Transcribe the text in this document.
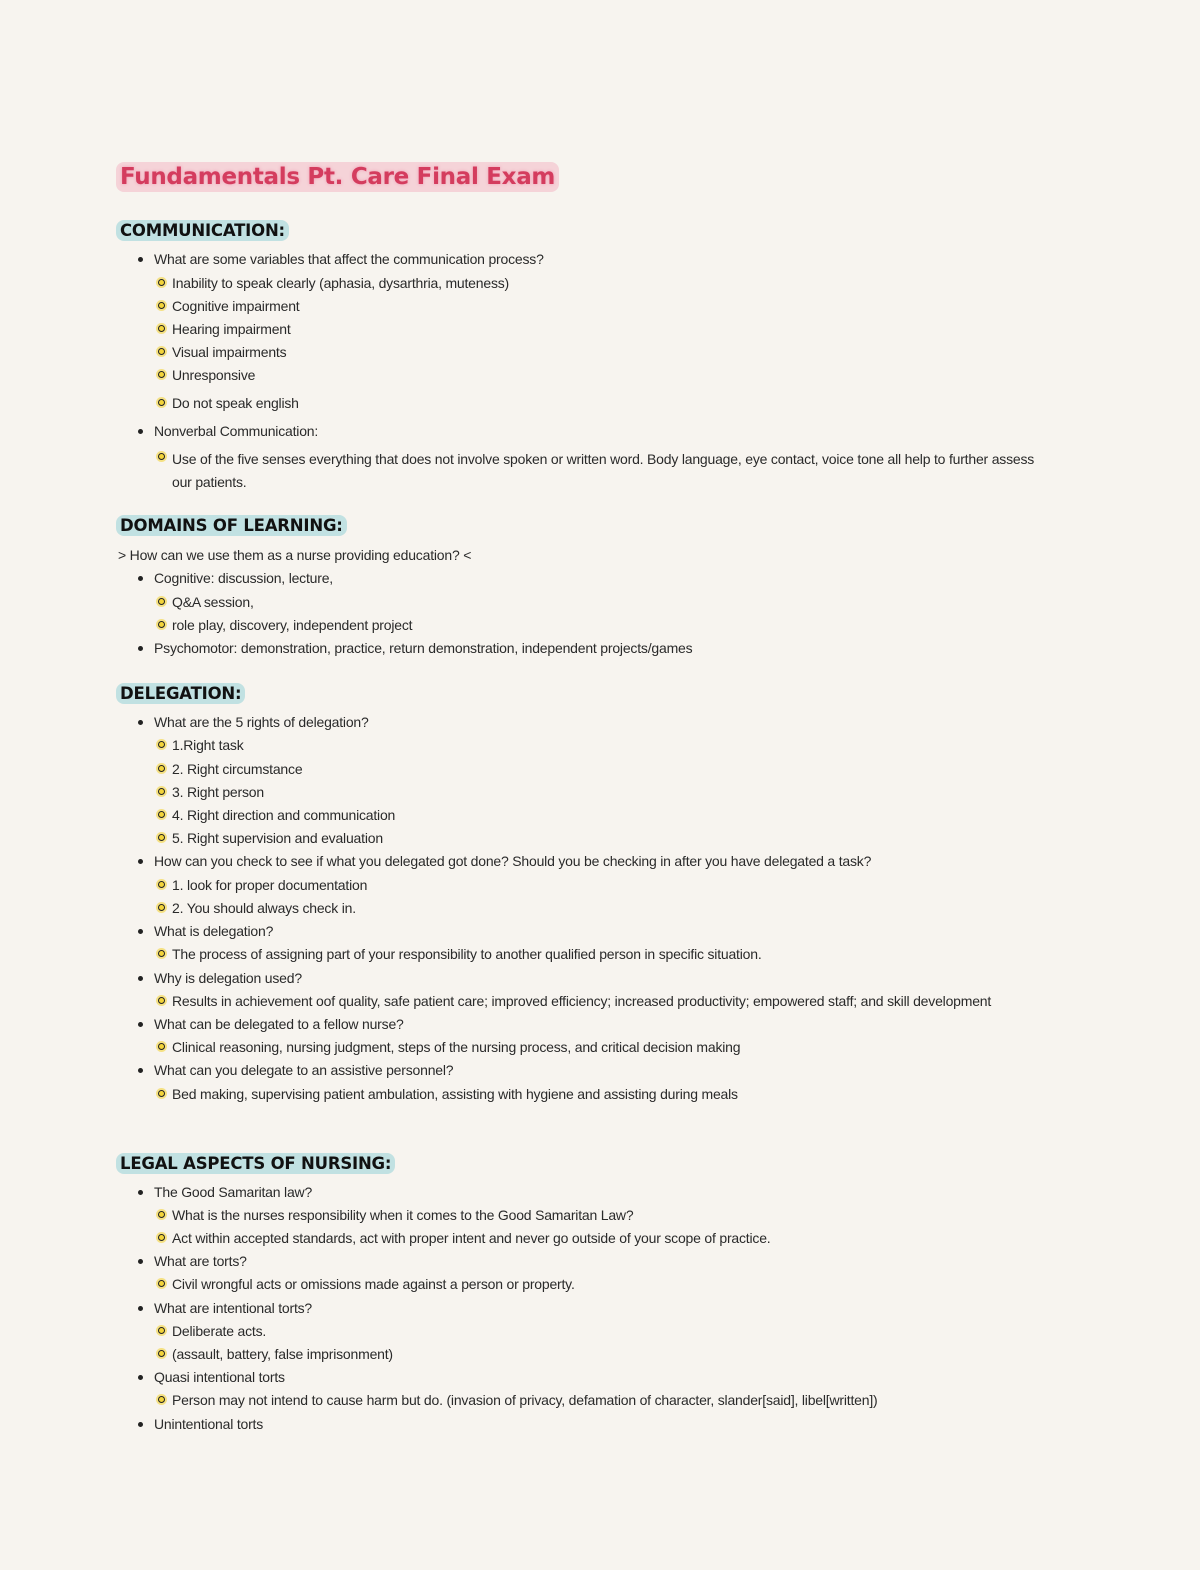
Fundamentals Pt. Care Final Exam
COMMUNICATION:
What are some variables that affect the communication process?
Inability to speak clearly (aphasia, dysarthria, muteness)
Cognitive impairment
Hearing impairment
Visual impairments
Unresponsive
Do not speak english
Nonverbal Communication:
Use of the five senses everything that does not involve spoken or written word. Body language, eye contact, voice tone all help to further assess our patients.
DOMAINS OF LEARNING:
> How can we use them as a nurse providing education? <
Cognitive: discussion, lecture,
Q&A session,
role play, discovery, independent project
Psychomotor: demonstration, practice, return demonstration, independent projects/games
DELEGATION:
What are the 5 rights of delegation?
1.Right task
2. Right circumstance
3. Right person
4. Right direction and communication
5. Right supervision and evaluation
How can you check to see if what you delegated got done? Should you be checking in after you have delegated a task?
1. look for proper documentation
2. You should always check in.
What is delegation?
The process of assigning part of your responsibility to another qualified person in specific situation.
Why is delegation used?
Results in achievement oof quality, safe patient care; improved efficiency; increased productivity; empowered staff; and skill development
What can be delegated to a fellow nurse?
Clinical reasoning, nursing judgment, steps of the nursing process, and critical decision making
What can you delegate to an assistive personnel?
Bed making, supervising patient ambulation, assisting with hygiene and assisting during meals
LEGAL ASPECTS OF NURSING:
The Good Samaritan law?
What is the nurses responsibility when it comes to the Good Samaritan Law?
Act within accepted standards, act with proper intent and never go outside of your scope of practice.
What are torts?
Civil wrongful acts or omissions made against a person or property.
What are intentional torts?
Deliberate acts.
(assault, battery, false imprisonment)
Quasi intentional torts
Person may not intend to cause harm but do. (invasion of privacy, defamation of character, slander[said], libel[written])
Unintentional torts
